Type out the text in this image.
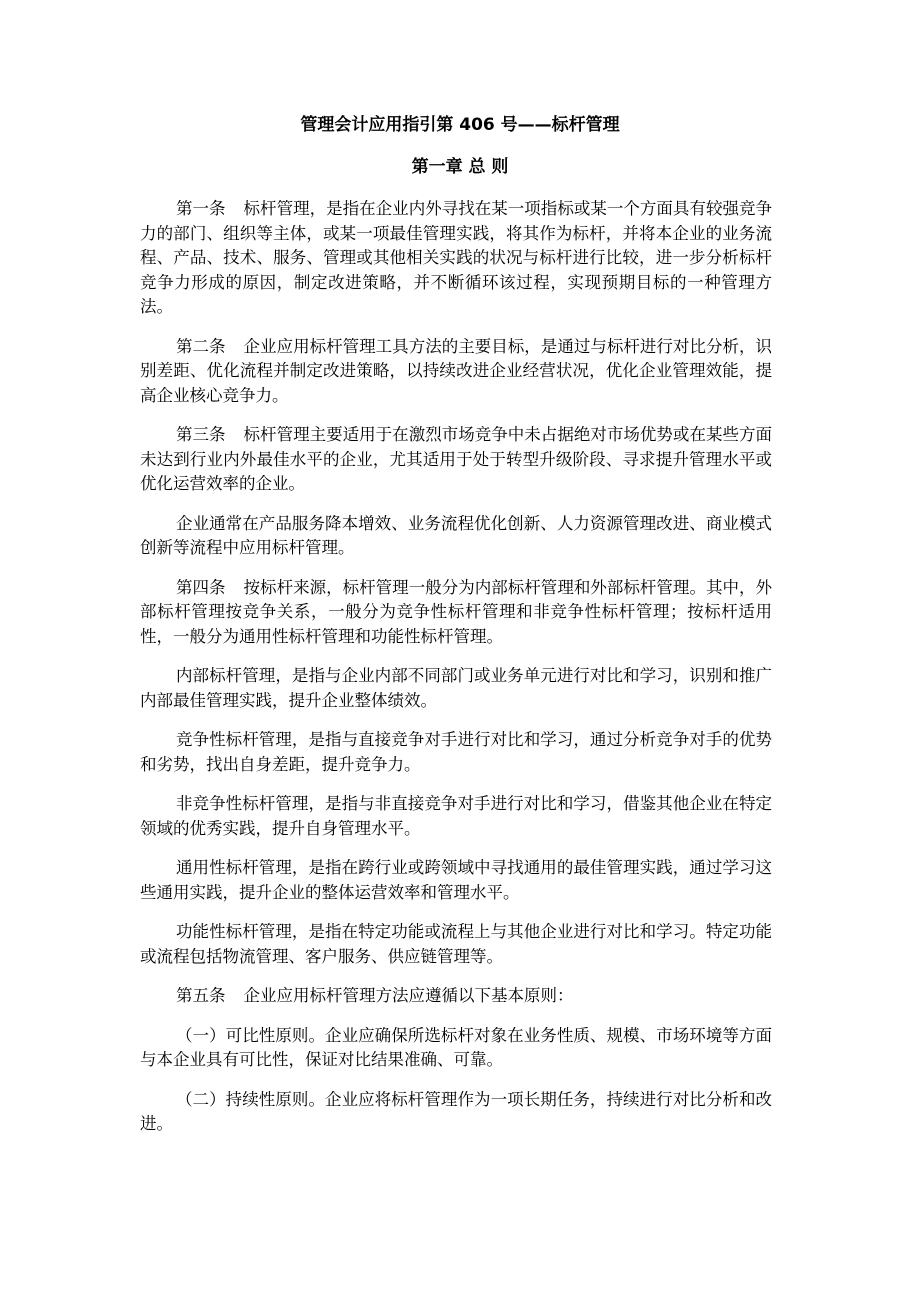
管理会计应用指引第 406 号——标杆管理
第一章 总 则

第一条 标杆管理，是指在企业内外寻找在某一项指标或某一个方面具有较强竞争力的部门、组织等主体，或某一项最佳管理实践，将其作为标杆，并将本企业的业务流程、产品、技术、服务、管理或其他相关实践的状况与标杆进行比较，进一步分析标杆竞争力形成的原因，制定改进策略，并不断循环该过程，实现预期目标的一种管理方法。

第二条 企业应用标杆管理工具方法的主要目标，是通过与标杆进行对比分析，识别差距、优化流程并制定改进策略，以持续改进企业经营状况，优化企业管理效能，提高企业核心竞争力。

第三条 标杆管理主要适用于在激烈市场竞争中未占据绝对市场优势或在某些方面未达到行业内外最佳水平的企业，尤其适用于处于转型升级阶段、寻求提升管理水平或优化运营效率的企业。

企业通常在产品服务降本增效、业务流程优化创新、人力资源管理改进、商业模式创新等流程中应用标杆管理。

第四条 按标杆来源，标杆管理一般分为内部标杆管理和外部标杆管理。其中，外部标杆管理按竞争关系，一般分为竞争性标杆管理和非竞争性标杆管理；按标杆适用性，一般分为通用性标杆管理和功能性标杆管理。

内部标杆管理，是指与企业内部不同部门或业务单元进行对比和学习，识别和推广内部最佳管理实践，提升企业整体绩效。

竞争性标杆管理，是指与直接竞争对手进行对比和学习，通过分析竞争对手的优势和劣势，找出自身差距，提升竞争力。

非竞争性标杆管理，是指与非直接竞争对手进行对比和学习，借鉴其他企业在特定领域的优秀实践，提升自身管理水平。

通用性标杆管理，是指在跨行业或跨领域中寻找通用的最佳管理实践，通过学习这些通用实践，提升企业的整体运营效率和管理水平。

功能性标杆管理，是指在特定功能或流程上与其他企业进行对比和学习。特定功能或流程包括物流管理、客户服务、供应链管理等。

第五条 企业应用标杆管理方法应遵循以下基本原则：

（一）可比性原则。企业应确保所选标杆对象在业务性质、规模、市场环境等方面与本企业具有可比性，保证对比结果准确、可靠。

（二）持续性原则。企业应将标杆管理作为一项长期任务，持续进行对比分析和改进。
